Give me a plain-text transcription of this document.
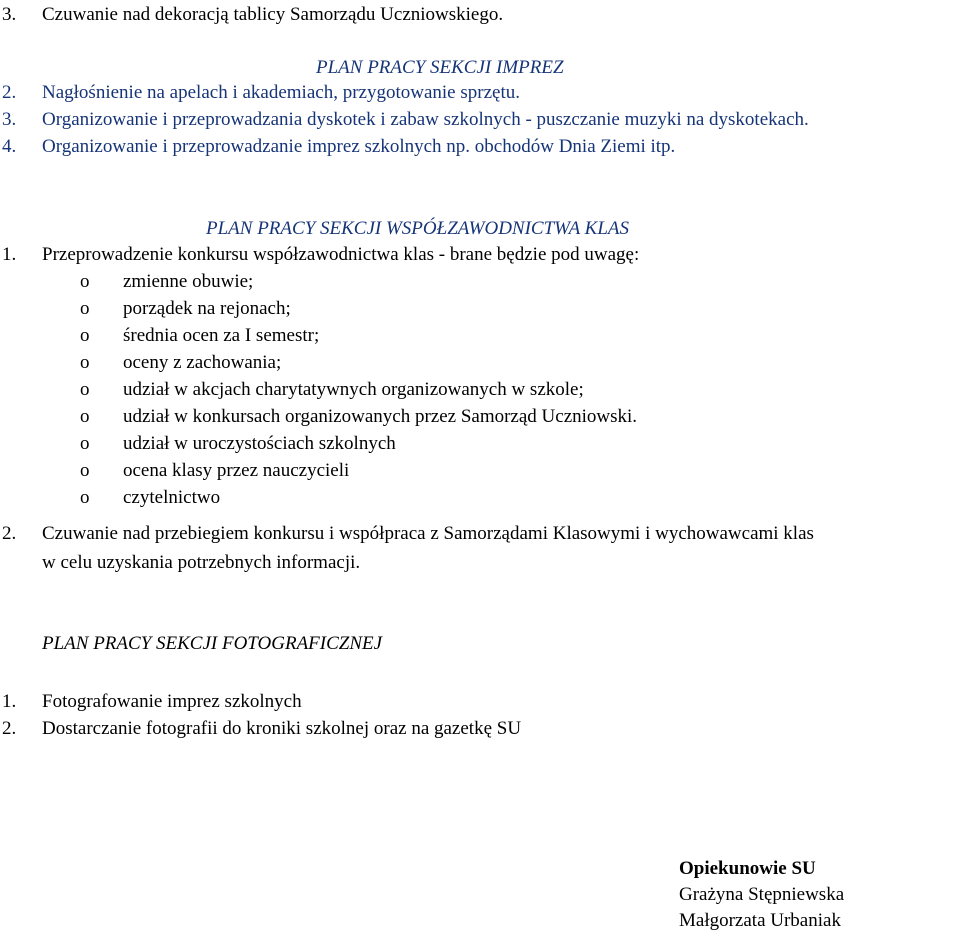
3. Czuwanie nad dekoracją tablicy Samorządu Uczniowskiego.
PLAN PRACY SEKCJI IMPREZ
2. Nagłośnienie na apelach i akademiach, przygotowanie sprzętu.
3. Organizowanie i przeprowadzania dyskotek i zabaw szkolnych - puszczanie muzyki na dyskotekach.
4. Organizowanie i przeprowadzanie imprez szkolnych np. obchodów Dnia Ziemi itp.
PLAN PRACY SEKCJI WSPÓŁZAWODNICTWA KLAS
1. Przeprowadzenie konkursu współzawodnictwa klas - brane będzie pod uwagę:
o zmienne obuwie;
o porządek na rejonach;
o średnia ocen za I semestr;
o oceny z zachowania;
o udział w akcjach charytatywnych organizowanych w szkole;
o udział w konkursach organizowanych przez Samorząd Uczniowski.
o udział w uroczystościach szkolnych
o ocena klasy przez nauczycieli
o czytelnictwo
2. Czuwanie nad przebiegiem konkursu i współpraca z Samorządami Klasowymi i wychowawcami klas
w celu uzyskania potrzebnych informacji.
PLAN PRACY SEKCJI FOTOGRAFICZNEJ
1. Fotografowanie imprez szkolnych
2. Dostarczanie fotografii do kroniki szkolnej oraz na gazetkę SU
Opiekunowie SU
Grażyna Stępniewska
Małgorzata Urbaniak
